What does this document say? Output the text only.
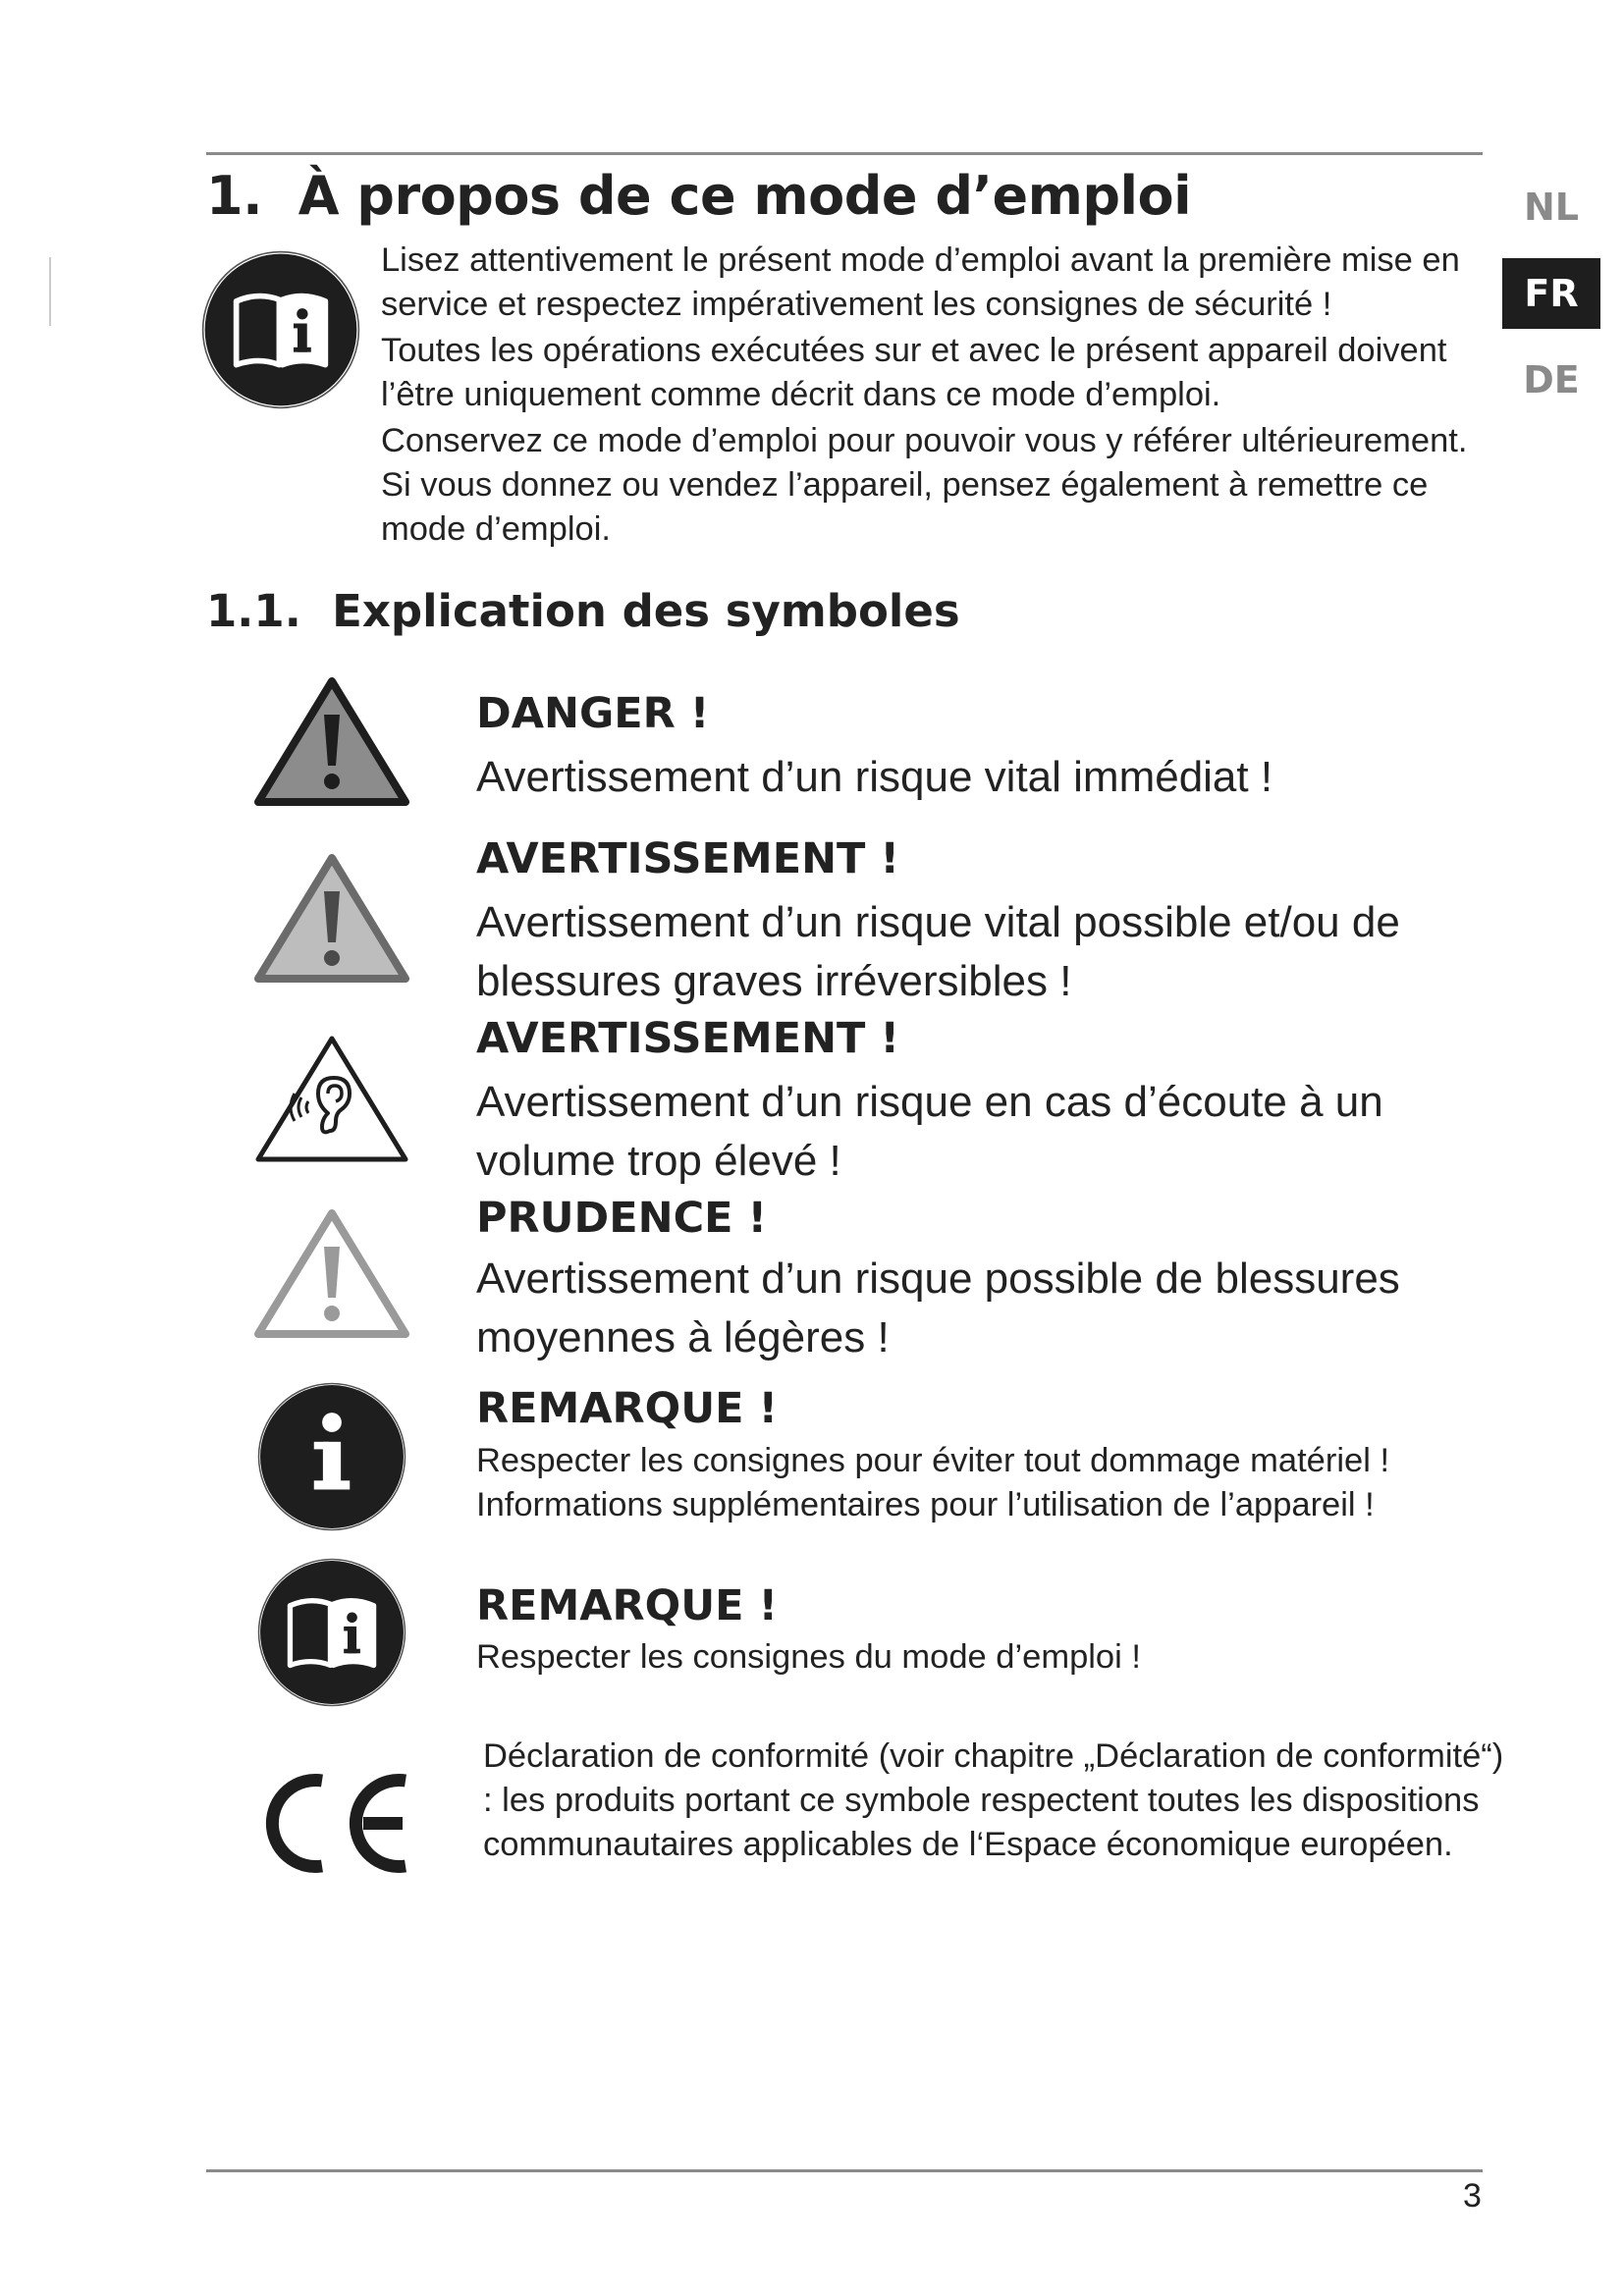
1. À propos de ce mode d’emploi

Lisez attentivement le présent mode d’emploi avant la première mise en service et respectez impérativement les consignes de sécurité !

Toutes les opérations exécutées sur et avec le présent appareil doivent l’être uniquement comme décrit dans ce mode d’emploi.

Conservez ce mode d’emploi pour pouvoir vous y référer ultérieurement. Si vous donnez ou vendez l’appareil, pensez également à remettre ce mode d’emploi.

NL
FR
DE
1.1. Explication des symboles
DANGER !

Avertissement d’un risque vital immédiat !

AVERTISSEMENT !

Avertissement d’un risque vital possible et/ou de blessures graves irréversibles !

AVERTISSEMENT !

Avertissement d’un risque en cas d’écoute à un volume trop élevé !

PRUDENCE !

Avertissement d’un risque possible de blessures moyennes à légères !

REMARQUE !

Respecter les consignes pour éviter tout dommage matériel ! Informations supplémentaires pour l’utilisation de l’appareil !

REMARQUE !

Respecter les consignes du mode d’emploi !

Déclaration de conformité (voir chapitre „Déclaration de conformité“) : les produits portant ce symbole respectent toutes les dispositions communautaires applicables de l‘Espace économique européen.

3
